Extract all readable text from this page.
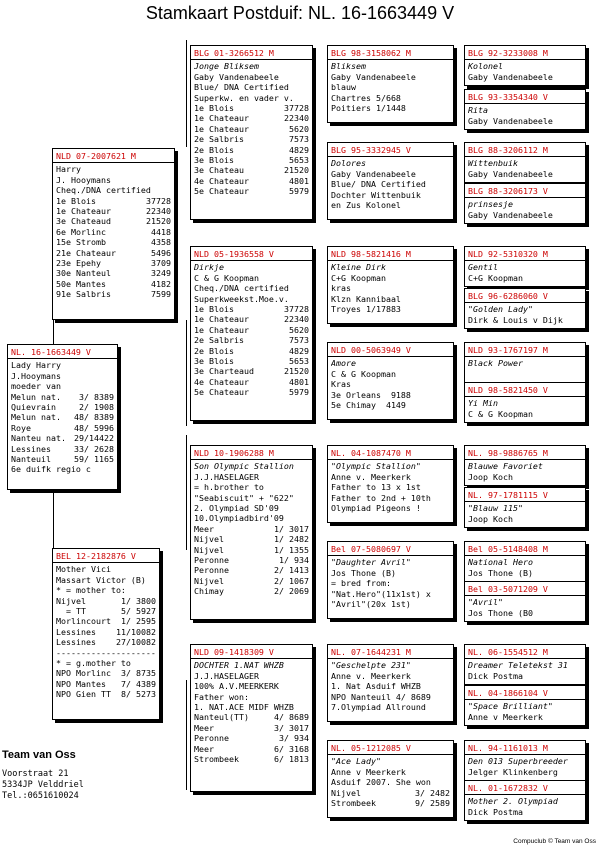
Stamkaart Postduif: NL. 16-1663449 V
NL. 16-1663449 V
Lady Harry
J.Hooymans
moeder van
Melun nat. 3/ 8389
Quievrain	2/ 1908
Melun nat. 48/ 8389
Roye	48/ 5996
Nanteu nat. 29/14422
Lessines	33/ 2628
Nanteuil	59/ 1165
6e duifk regio c
NLD 07-2007621 M
Harry
J. Hooymans
Cheq./DNA certified
1e Blois	37728
1e Chateaur	22340
3e Chateaud	21520
6e Morlinc	4418
15e Stromb	4358
21e Chateaur	5496
23e Epehy	3709
30e Nanteul	3249
50e Mantes	4182
91e Salbris	7599
BEL 12-2182876 V
Mother Vici
Massart Victor (B)
* = mother to:
Nijvel	1/ 3800
= TT	5/ 5927
Morlincourt 1/ 2595
Lessines 11/10082
Lessines 27/10082
--------------------
* = g.mother to
NPO Morlinc 3/ 8735
NPO Mantes 7/ 4389
NPO Gien TT 8/ 5273
BLG 01-3266512 M
Jonge Bliksem
Gaby Vandenabeele
Blue/ DNA Certified
Superkw. en vader v.
1e Blois	37728
1e Chateaur	22340
1e Chateaur	5620
2e Salbris	7573
2e Blois	4829
3e Blois	5653
3e Chateau	21520
4e Chateaur	4801
5e Chateaur	5979
NLD 05-1936558 V
Dirkje
C & G Koopman
Cheq./DNA certified
Superkweekst.Moe.v.
1e Blois	37728
1e Chateaur	22340
1e Chateaur	5620
2e Salbris	7573
2e Blois	4829
3e Blois	5653
3e Charteaud	21520
4e Chateaur	4801
5e Chateaur	5979
NLD 10-1906288 M
Son Olympic Stallion
J.J.HASELAGER
= h.brother to
"Seabiscuit" + "622"
2. Olympiad SD'09
10.Olympiadbird'09
Meer	1/ 3017
Nijvel	1/ 2482
Nijvel	1/ 1355
Peronne	1/ 934
Peronne	2/ 1413
Nijvel	2/ 1067
Chimay	2/ 2069
NLD 09-1418309 V
DOCHTER 1.NAT WHZB
J.J.HASELAGER
100% A.V.MEERKERK
Father won:
1. NAT.ACE MIDF WHZB
Nanteul(TT)	4/ 8689
Meer	3/ 3017
Peronne	3/ 934
Meer	6/ 3168
Strombeek	6/ 1813
BLG 98-3158062 M
Bliksem
Gaby Vandenabeele
blauw
Chartres 5/668
Poitiers 1/1448
BLG 95-3332945 V
Dolores
Gaby Vandenabeele
Blue/ DNA Certified
Dochter Wittenbuik
en Zus Kolonel
NLD 98-5821416 M
Kleine Dirk
C+G Koopman
kras
Klzn Kannibaal
Troyes 1/17883
NLD 00-5063949 V
Amore
C & G Koopman
Kras
3e Orleans  9188
5e Chimay  4149
NL. 04-1087470 M
"Olympic Stallion"
Anne v. Meerkerk
Father to 13 x 1st
Father to 2nd + 10th
Olympiad Pigeons !
Bel 07-5080697 V
"Daughter Avril"
Jos Thone (B)
= bred from:
"Nat.Hero"(11x1st) x
"Avril"(20x 1st)
NL. 07-1644231 M
"Geschelpte 231"
Anne v. Meerkerk
1. Nat Asduif WHZB
NPO Nanteuil 4/ 8689
7.Olympiad Allround
NL. 05-1212085 V
"Ace Lady"
Anne v Meerkerk
Asduif 2007. She won
Nijvel	3/ 2482
Strombeek	9/ 2589
BLG 92-3233008 M
Kolonel
Gaby Vandenabeele
BLG 93-3354340 V
Rita
Gaby Vandenabeele
BLG 88-3206112 M
Wittenbuik
Gaby Vandenabeele
BLG 88-3206173 V
prinsesje
Gaby Vandenabeele
NLD 92-5310320 M
Gentil
C+G Koopman
BLG 96-6286060 V
"Golden Lady"
Dirk & Louis v Dijk
NLD 93-1767197 M
Black Power
NLD 98-5821450 V
Yi Min
C & G Koopman
NL. 98-9886765 M
Blauwe Favoriet
Joop Koch
NL. 97-1781115 V
"Blauw 115"
Joop Koch
Bel 05-5148408 M
National Hero
Jos Thone (B)
Bel 03-5071209 V
"Avril"
Jos Thone (B0
NL. 06-1554512 M
Dreamer Teletekst 31
Dick Postma
NL. 04-1866104 V
"Space Brilliant"
Anne v Meerkerk
NL. 94-1161013 M
Den 013 Superbreeder
Jelger Klinkenberg
NL. 01-1672832 V
Mother 2. Olympiad
Dick Postma
Team van Oss
Voorstraat 21
5334JP Velddriel
Tel.:0651610024
Compuclub © Team van Oss
